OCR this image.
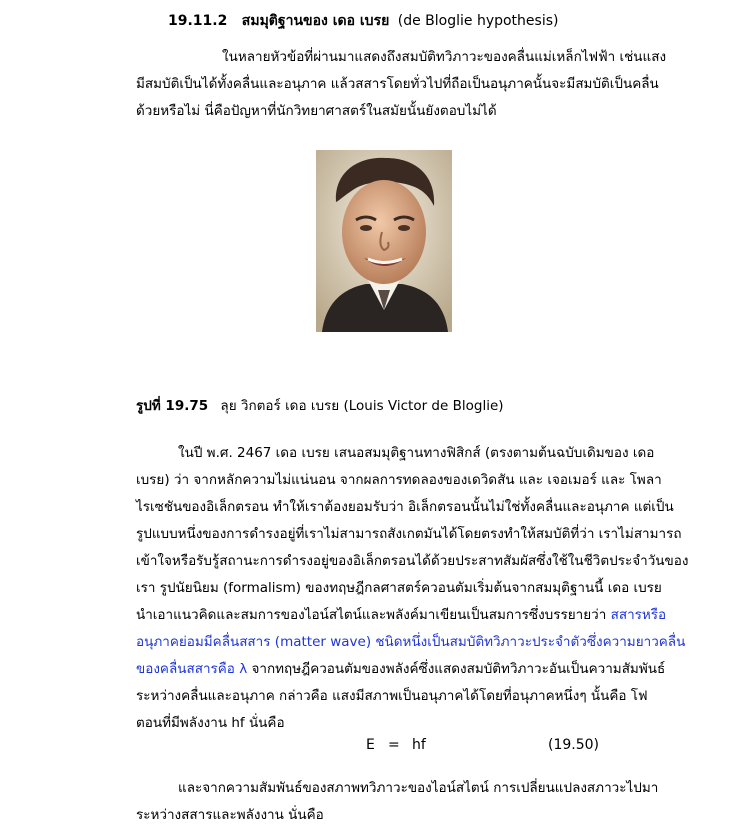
19.11.2 สมมุติฐานของ เดอ เบรย (de Bloglie hypothesis)
ในหลายหัวข้อที่ผ่านมาแสดงถึงสมบัติทวิภาวะของคลื่นแม่เหล็กไฟฟ้า เช่นแสง
มีสมบัติเป็นได้ทั้งคลื่นและอนุภาค แล้วสสารโดยทั่วไปที่ถือเป็นอนุภาคนั้นจะมีสมบัติเป็นคลื่น
ด้วยหรือไม่ นี่คือปัญหาที่นักวิทยาศาสตร์ในสมัยนั้นยังตอบไม่ได้
รูปที่ 19.75 ลุย วิกตอร์ เดอ เบรย (Louis Victor de Bloglie)
ในปี พ.ศ. 2467 เดอ เบรย เสนอสมมุติฐานทางฟิสิกส์ (ตรงตามต้นฉบับเดิมของ เดอ
เบรย) ว่า จากหลักความไม่แน่นอน จากผลการทดลองของเดวิดสัน และ เจอเมอร์ และ โพลา
ไรเซชันของอิเล็กตรอน ทำให้เราต้องยอมรับว่า อิเล็กตรอนนั้นไม่ใช่ทั้งคลื่นและอนุภาค แต่เป็น
รูปแบบหนึ่งของการดำรงอยู่ที่เราไม่สามารถสังเกตมันได้โดยตรงทำให้สมบัติที่ว่า เราไม่สามารถ
เข้าใจหรือรับรู้สถานะการดำรงอยู่ของอิเล็กตรอนได้ด้วยประสาทสัมผัสซึ่งใช้ในชีวิตประจำวันของ
เรา รูปนัยนิยม (formalism) ของทฤษฎีกลศาสตร์ควอนตัมเริ่มต้นจากสมมุติฐานนี้ เดอ เบรย
นำเอาแนวคิดและสมการของไอน์สไตน์และพลังค์มาเขียนเป็นสมการซึ่งบรรยายว่า สสารหรือ
อนุภาคย่อมมีคลื่นสสาร (matter wave) ชนิดหนึ่งเป็นสมบัติทวิภาวะประจำตัวซึ่งความยาวคลื่น
ของคลื่นสสารคือ λ จากทฤษฎีควอนตัมของพลังค์ซึ่งแสดงสมบัติทวิภาวะอันเป็นความสัมพันธ์
ระหว่างคลื่นและอนุภาค กล่าวคือ แสงมีสภาพเป็นอนุภาคได้โดยที่อนุภาคหนึ่งๆ นั้นคือ โฟ
ตอนที่มีพลังงาน hf นั่นคือ
E = hf	(19.50)
และจากความสัมพันธ์ของสภาพทวิภาวะของไอน์สไตน์ การเปลี่ยนแปลงสภาวะไปมา
ระหว่างสสารและพลังงาน นั่นคือ
